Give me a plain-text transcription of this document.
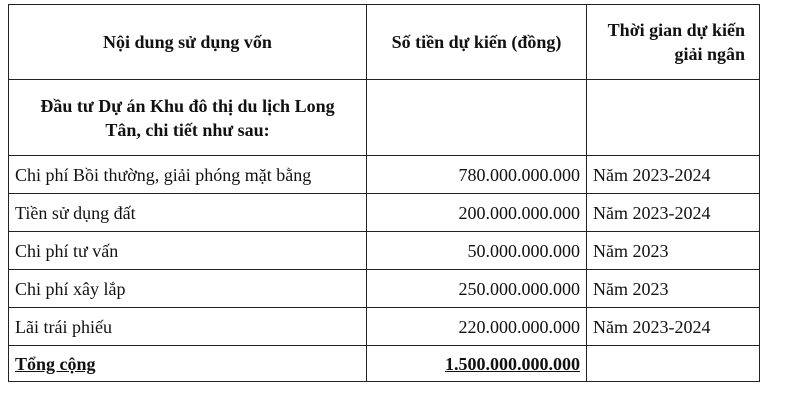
Nội dung sử dụng vốn	Số tiền dự kiến (đồng)	Thời gian dự kiến
giải ngân

Đầu tư Dự án Khu đô thị du lịch Long
Tân, chi tiết như sau:		

Chi phí Bồi thường, giải phóng mặt bằng	780.000.000.000	Năm 2023-2024
Tiền sử dụng đất	200.000.000.000	Năm 2023-2024
Chi phí tư vấn	50.000.000.000	Năm 2023
Chi phí xây lắp	250.000.000.000	Năm 2023
Lãi trái phiếu	220.000.000.000	Năm 2023-2024
Tổng cộng	1.500.000.000.000	
